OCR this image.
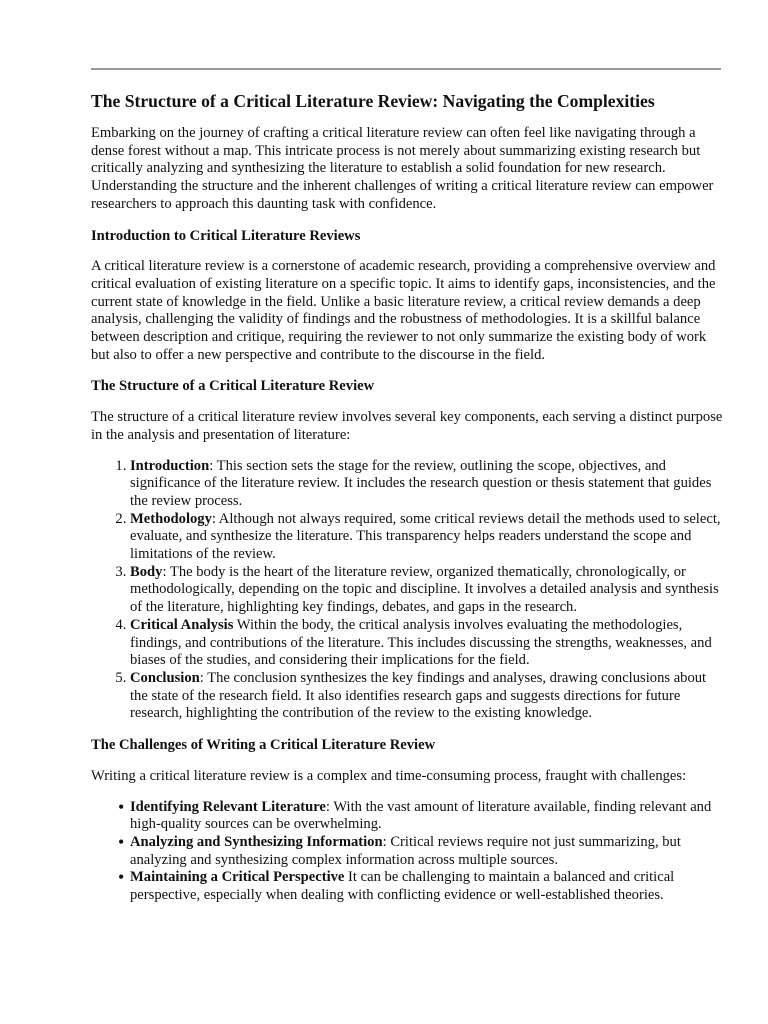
The Structure of a Critical Literature Review: Navigating the Complexities

Embarking on the journey of crafting a critical literature review can often feel like navigating through a dense forest without a map. This intricate process is not merely about summarizing existing research but critically analyzing and synthesizing the literature to establish a solid foundation for new research. Understanding the structure and the inherent challenges of writing a critical literature review can empower researchers to approach this daunting task with confidence.

Introduction to Critical Literature Reviews

A critical literature review is a cornerstone of academic research, providing a comprehensive overview and critical evaluation of existing literature on a specific topic. It aims to identify gaps, inconsistencies, and the current state of knowledge in the field. Unlike a basic literature review, a critical review demands a deep analysis, challenging the validity of findings and the robustness of methodologies. It is a skillful balance between description and critique, requiring the reviewer to not only summarize the existing body of work but also to offer a new perspective and contribute to the discourse in the field.

The Structure of a Critical Literature Review

The structure of a critical literature review involves several key components, each serving a distinct purpose in the analysis and presentation of literature:

1. Introduction: This section sets the stage for the review, outlining the scope, objectives, and significance of the literature review. It includes the research question or thesis statement that guides the review process.
2. Methodology: Although not always required, some critical reviews detail the methods used to select, evaluate, and synthesize the literature. This transparency helps readers understand the scope and limitations of the review.
3. Body: The body is the heart of the literature review, organized thematically, chronologically, or methodologically, depending on the topic and discipline. It involves a detailed analysis and synthesis of the literature, highlighting key findings, debates, and gaps in the research.
4. Critical Analysis Within the body, the critical analysis involves evaluating the methodologies, findings, and contributions of the literature. This includes discussing the strengths, weaknesses, and biases of the studies, and considering their implications for the field.
5. Conclusion: The conclusion synthesizes the key findings and analyses, drawing conclusions about the state of the research field. It also identifies research gaps and suggests directions for future research, highlighting the contribution of the review to the existing knowledge.
The Challenges of Writing a Critical Literature Review

Writing a critical literature review is a complex and time-consuming process, fraught with challenges:

• Identifying Relevant Literature: With the vast amount of literature available, finding relevant and high-quality sources can be overwhelming.
• Analyzing and Synthesizing Information: Critical reviews require not just summarizing, but analyzing and synthesizing complex information across multiple sources.
• Maintaining a Critical Perspective It can be challenging to maintain a balanced and critical perspective, especially when dealing with conflicting evidence or well-established theories.
